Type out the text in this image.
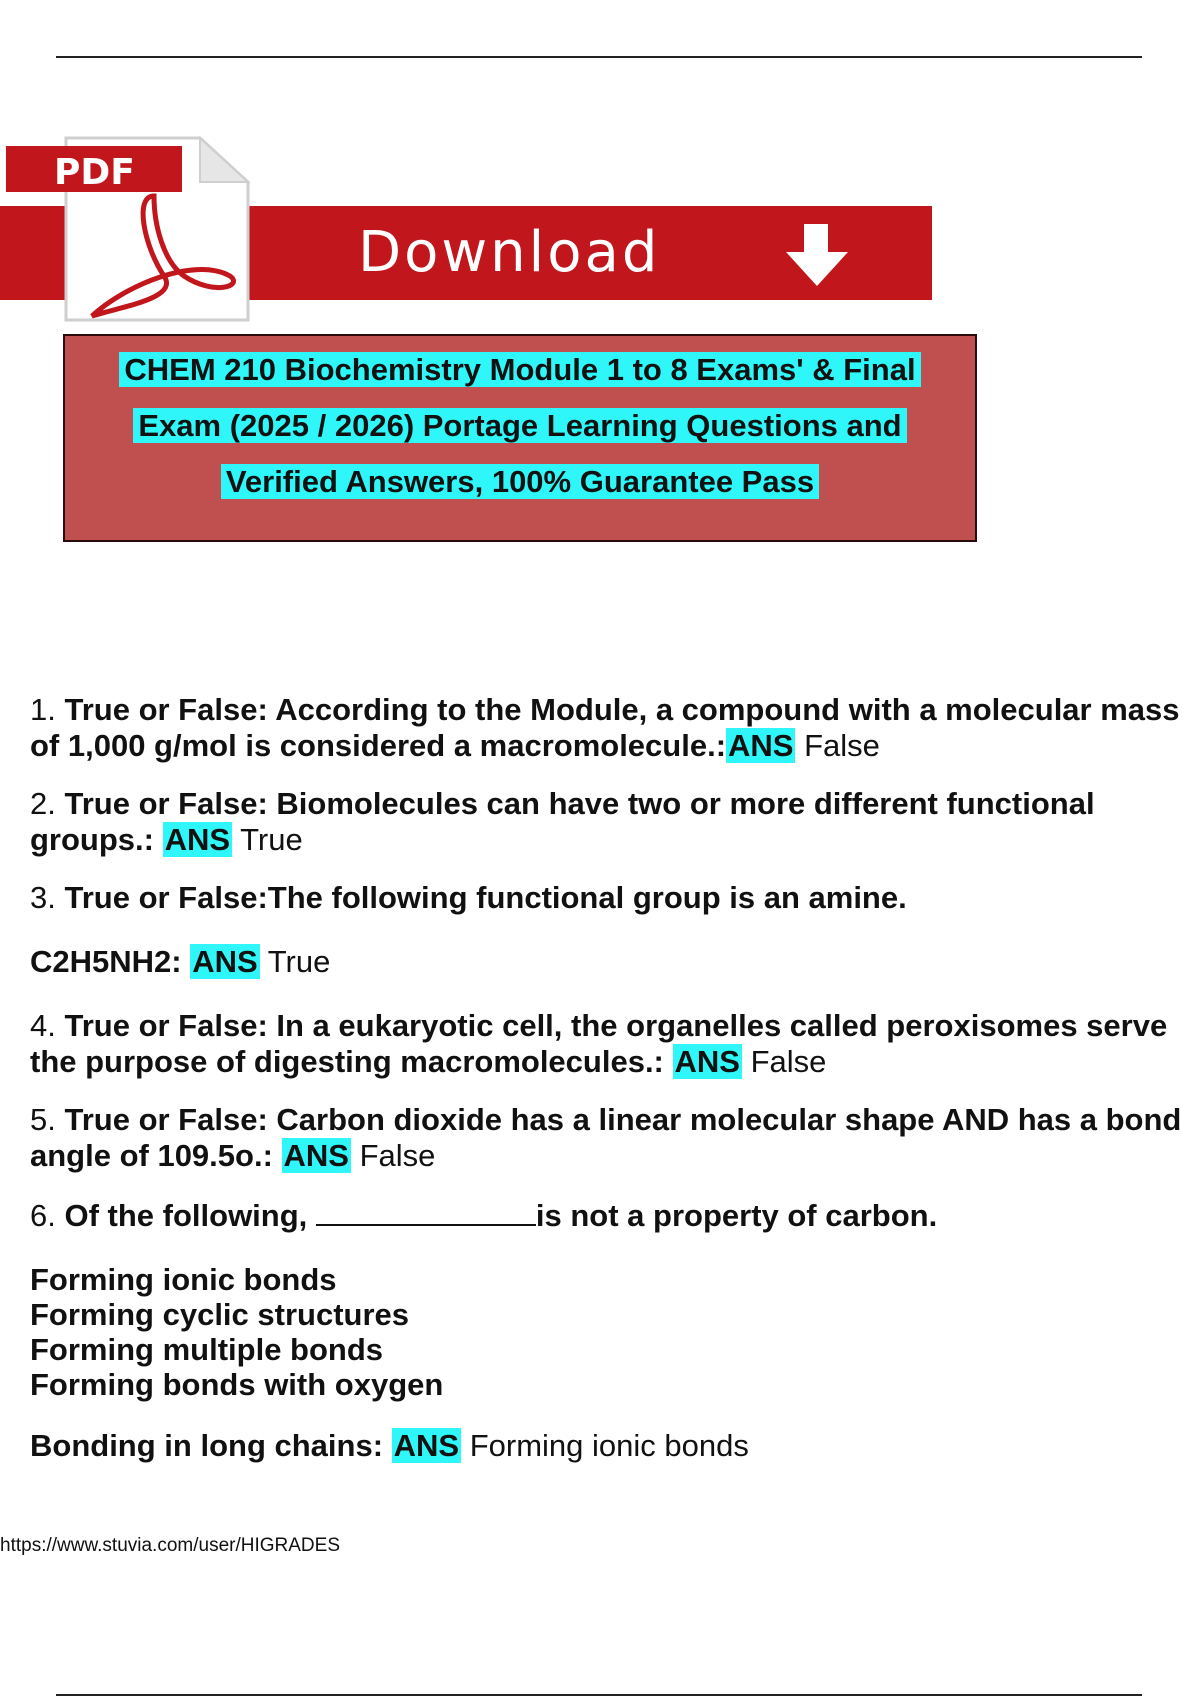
Download
PDF
CHEM 210 Biochemistry Module 1 to 8 Exams' & Final
Exam (2025 / 2026) Portage Learning Questions and
Verified Answers, 100% Guarantee Pass

1. True or False: According to the Module, a compound with a molecular mass
of 1,000 g/mol is considered a macromolecule.:ANS False

2. True or False: Biomolecules can have two or more different functional
groups.: ANS True

3. True or False:The following functional group is an amine.

C2H5NH2: ANS True

4. True or False: In a eukaryotic cell, the organelles called peroxisomes serve
the purpose of digesting macromolecules.: ANS False

5. True or False: Carbon dioxide has a linear molecular shape AND has a bond
angle of 109.5o.: ANS False

6. Of the following,	is not a property of carbon.

Forming ionic bonds
Forming cyclic structures
Forming multiple bonds
Forming bonds with oxygen

Bonding in long chains: ANS Forming ionic bonds

https://www.stuvia.com/user/HIGRADES
